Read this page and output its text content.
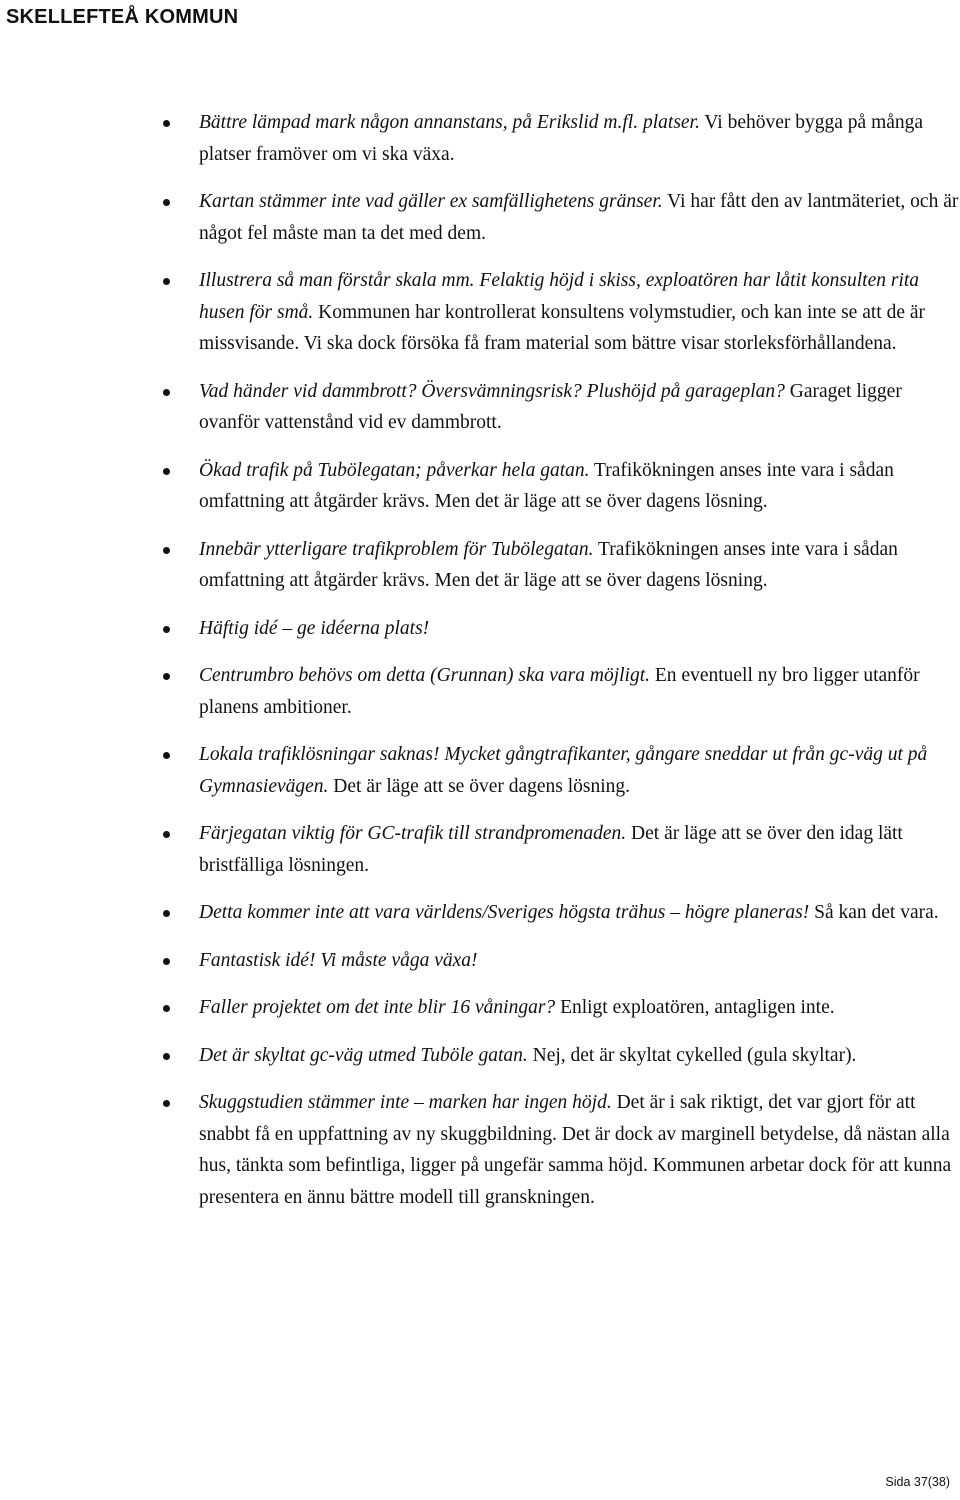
SKELLEFTEÅ KOMMUN
Bättre lämpad mark någon annanstans, på Erikslid m.fl. platser. Vi behöver bygga på många platser framöver om vi ska växa.
Kartan stämmer inte vad gäller ex samfällighetens gränser. Vi har fått den av lantmäteriet, och är något fel måste man ta det med dem.
Illustrera så man förstår skala mm. Felaktig höjd i skiss, exploatören har låtit konsulten rita husen för små. Kommunen har kontrollerat konsultens volymstudier, och kan inte se att de är missvisande. Vi ska dock försöka få fram material som bättre visar storleksförhållandena.
Vad händer vid dammbrott? Översvämningsrisk? Plushöjd på garageplan? Garaget ligger ovanför vattenstånd vid ev dammbrott.
Ökad trafik på Tubölegatan; påverkar hela gatan. Trafikökningen anses inte vara i sådan omfattning att åtgärder krävs. Men det är läge att se över dagens lösning.
Innebär ytterligare trafikproblem för Tubölegatan. Trafikökningen anses inte vara i sådan omfattning att åtgärder krävs. Men det är läge att se över dagens lösning.
Häftig idé – ge idéerna plats!
Centrumbro behövs om detta (Grunnan) ska vara möjligt. En eventuell ny bro ligger utanför planens ambitioner.
Lokala trafiklösningar saknas! Mycket gångtrafikanter, gångare sneddar ut från gc-väg ut på Gymnasievägen. Det är läge att se över dagens lösning.
Färjegatan viktig för GC-trafik till strandpromenaden. Det är läge att se över den idag lätt bristfälliga lösningen.
Detta kommer inte att vara världens/Sveriges högsta trähus – högre planeras! Så kan det vara.
Fantastisk idé! Vi måste våga växa!
Faller projektet om det inte blir 16 våningar? Enligt exploatören, antagligen inte.
Det är skyltat gc-väg utmed Tuböle gatan. Nej, det är skyltat cykelled (gula skyltar).
Skuggstudien stämmer inte – marken har ingen höjd. Det är i sak riktigt, det var gjort för att snabbt få en uppfattning av ny skuggbildning. Det är dock av marginell betydelse, då nästan alla hus, tänkta som befintliga, ligger på ungefär samma höjd. Kommunen arbetar dock för att kunna presentera en ännu bättre modell till granskningen.
Sida 37(38)
